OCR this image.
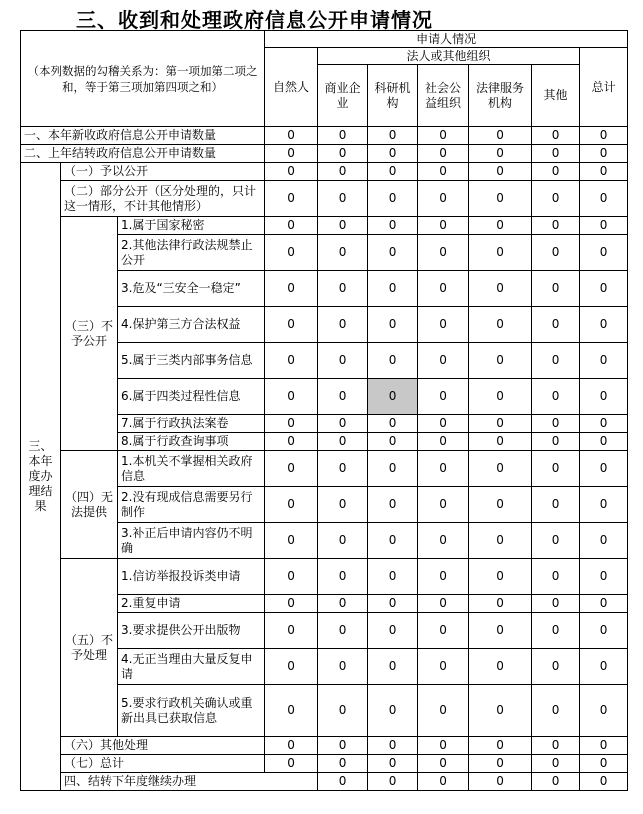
三、收到和处理政府信息公开申请情况
（本列数据的勾稽关系为：第一项加第二项之和，等于第三项加第四项之和）			申请人情况							
			自然人	法人或其他组织					总计	
				商业企业	科研机构	社会公益组织	法律服务机构	其他		
一、本年新收政府信息公开申请数量			0	0	0	0	0	0	0	
二、上年结转政府信息公开申请数量			0	0	0	0	0	0	0	
三、本年度办理结果	（一）予以公开		0	0	0	0	0	0	0	
	（二）部分公开（区分处理的，只计这一情形，不计其他情形）		0	0	0	0	0	0	0	
	（三）不予公开	1.属于国家秘密	0	0	0	0	0	0	0	
		2.其他法律行政法规禁止公开	0	0	0	0	0	0	0	
		3.危及“三安全一稳定”	0	0	0	0	0	0	0	
		4.保护第三方合法权益	0	0	0	0	0	0	0	
		5.属于三类内部事务信息	0	0	0	0	0	0	0	
		6.属于四类过程性信息	0	0	0	0	0	0	0	
		7.属于行政执法案卷	0	0	0	0	0	0	0	
		8.属于行政查询事项	0	0	0	0	0	0	0	
	（四）无法提供	1.本机关不掌握相关政府信息	0	0	0	0	0	0	0	
		2.没有现成信息需要另行制作	0	0	0	0	0	0	0	
		3.补正后申请内容仍不明确	0	0	0	0	0	0	0	
	（五）不予处理	1.信访举报投诉类申请	0	0	0	0	0	0	0	
		2.重复申请	0	0	0	0	0	0	0	
		3.要求提供公开出版物	0	0	0	0	0	0	0	
		4.无正当理由大量反复申请	0	0	0	0	0	0	0	
		5.要求行政机关确认或重新出具已获取信息	0	0	0	0	0	0	0	
	（六）其他处理		0	0	0	0	0	0	0	
	（七）总计		0	0	0	0	0	0	0	
	四、结转下年度继续办理			0	0	0	0	0	0	
